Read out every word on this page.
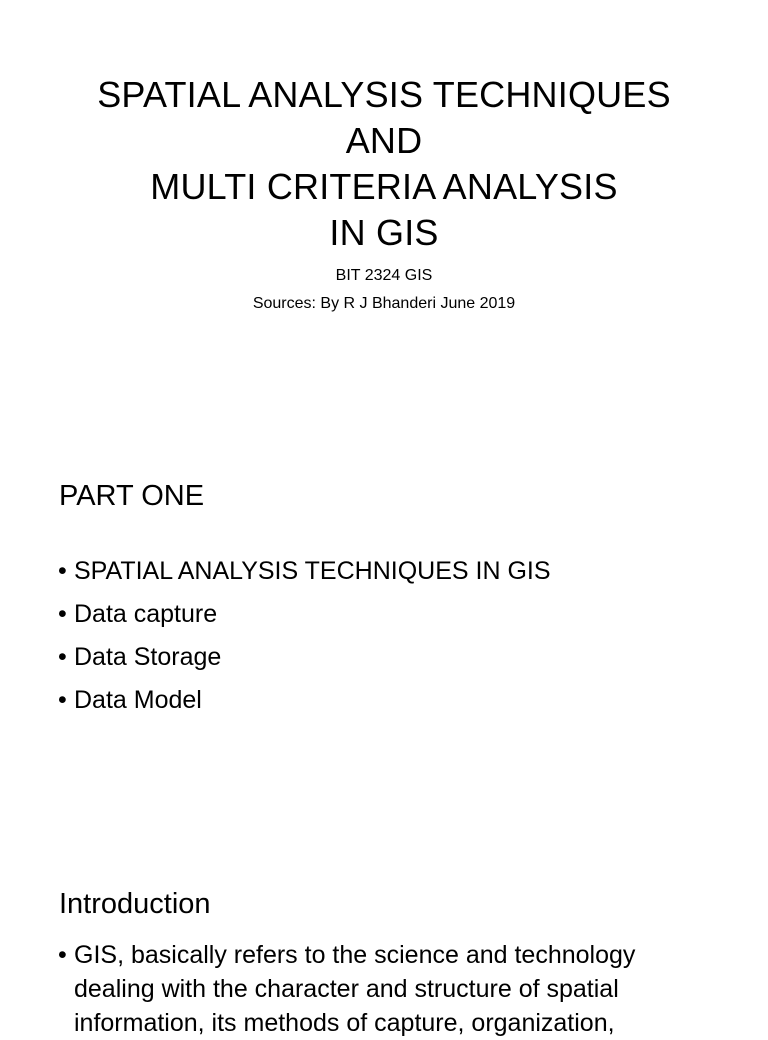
SPATIAL ANALYSIS TECHNIQUES
AND
MULTI CRITERIA ANALYSIS
IN GIS
BIT 2324 GIS
Sources: By R J Bhanderi June 2019
PART ONE
• SPATIAL ANALYSIS TECHNIQUES IN GIS
• Data capture
• Data Storage
• Data Model
Introduction
• GIS, basically refers to the science and technology
dealing with the character and structure of spatial
information, its methods of capture, organization,
